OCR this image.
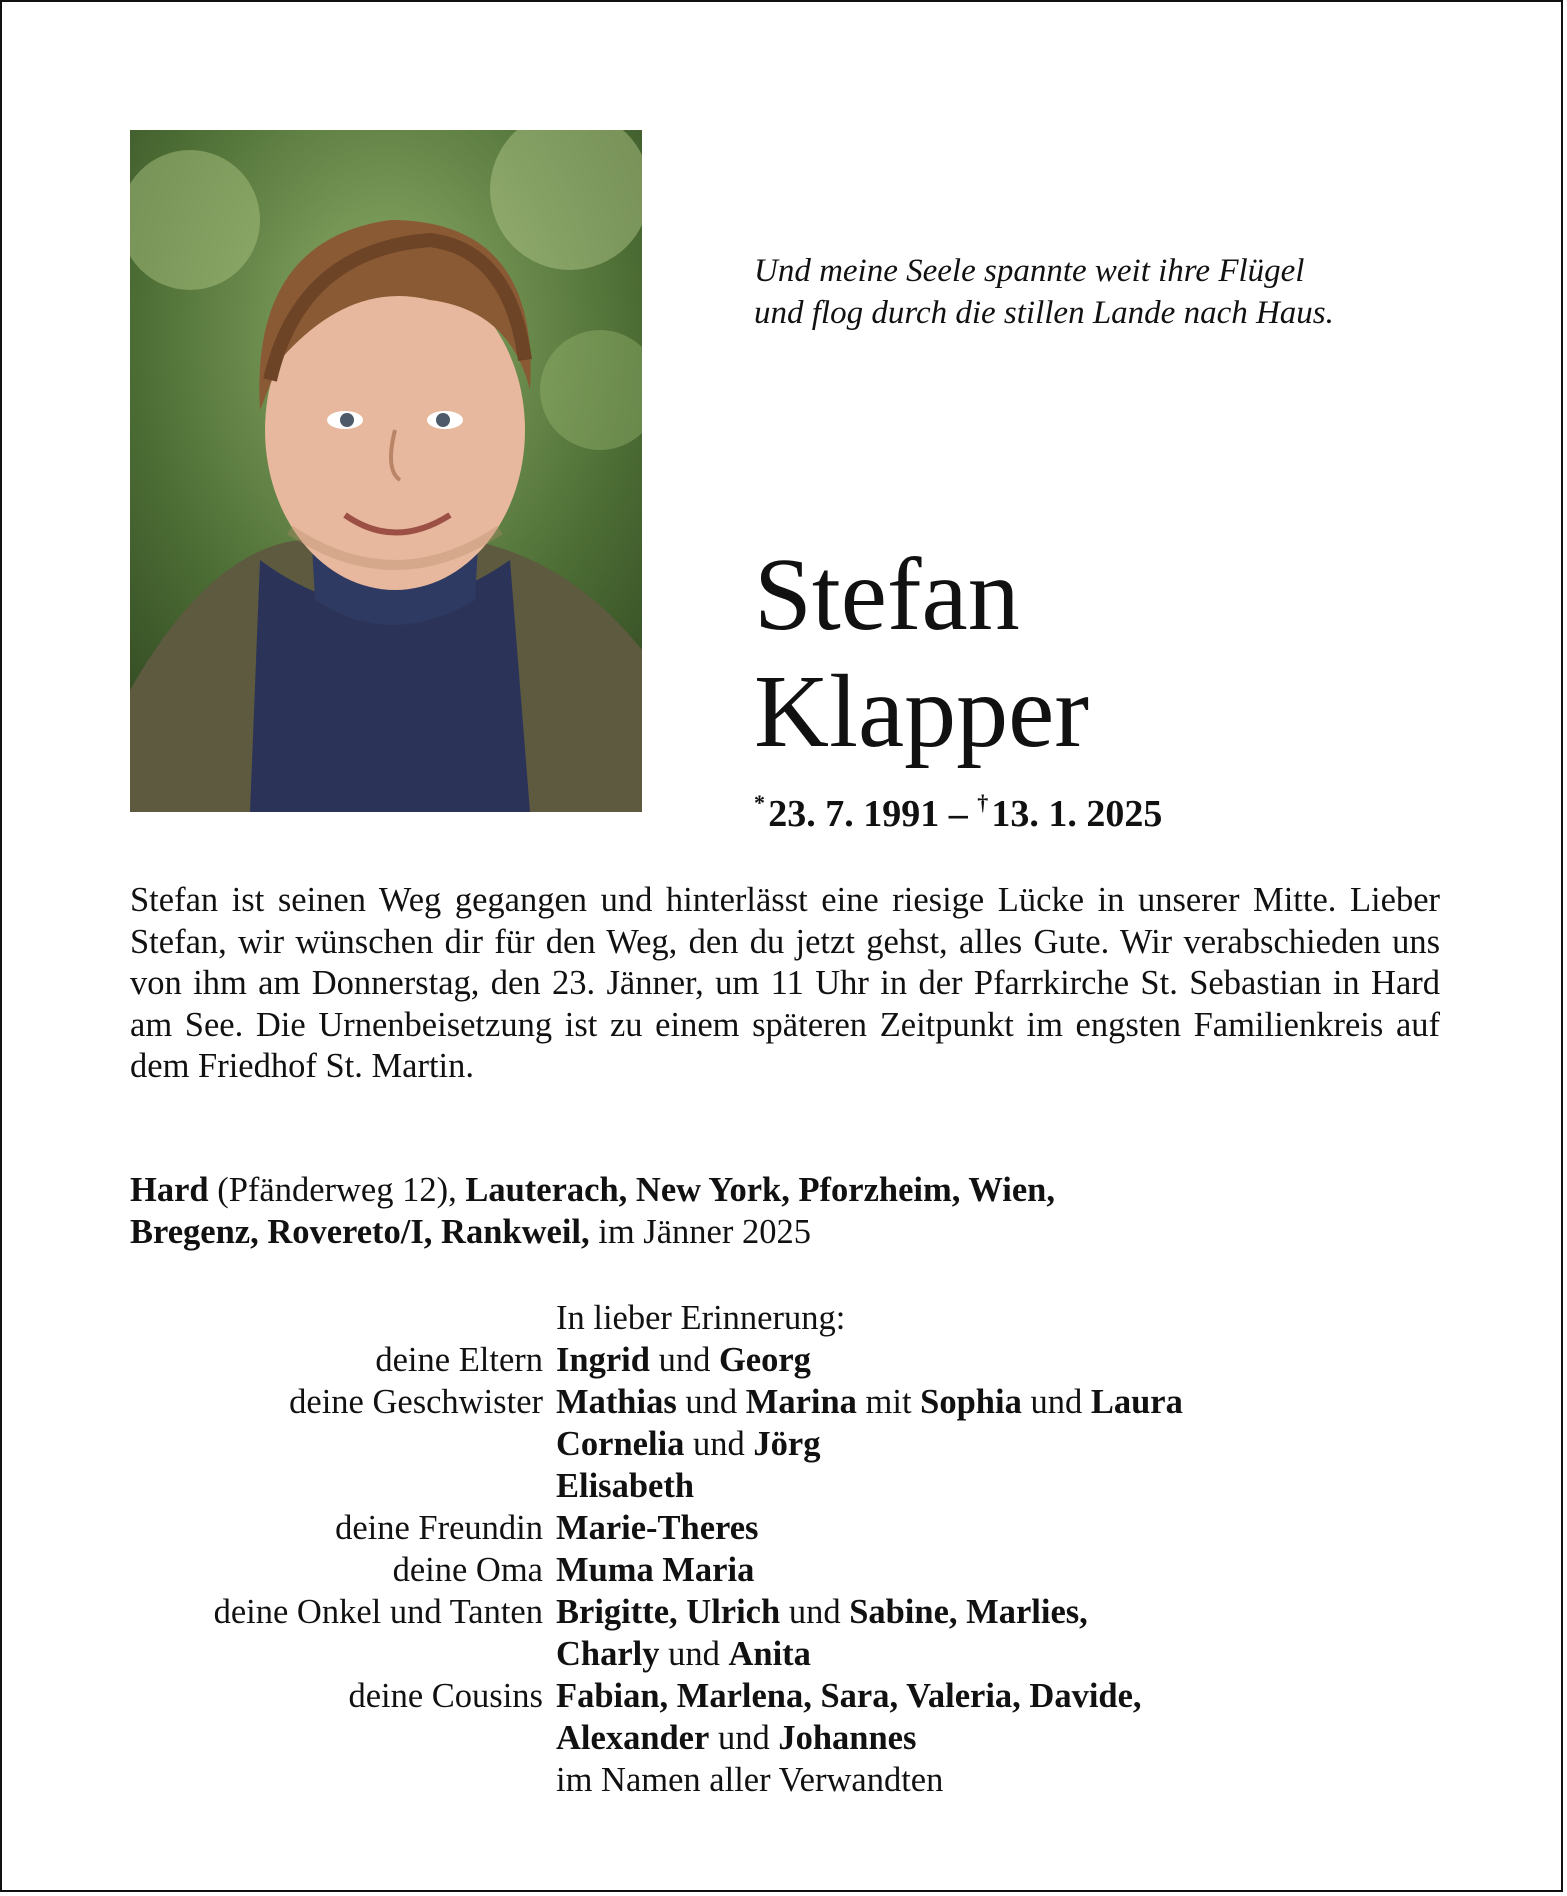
Und meine Seele spannte weit ihre Flügel
und flog durch die stillen Lande nach Haus.
Stefan
Klapper
* 23. 7. 1991 – † 13. 1. 2025
Stefan ist seinen Weg gegangen und hinterlässt eine riesige Lücke in unserer Mitte. Lieber Stefan, wir wünschen dir für den Weg, den du jetzt gehst, alles Gute. Wir verabschieden uns von ihm am Donnerstag, den 23. Jänner, um 11 Uhr in der Pfarrkirche St. Sebastian in Hard am See. Die Urnenbeisetzung ist zu einem späteren Zeitpunkt im engsten Familienkreis auf dem Friedhof St. Martin.
Hard (Pfänderweg 12), Lauterach, New York, Pforzheim, Wien,
Bregenz, Rovereto/I, Rankweil, im Jänner 2025
In lieber Erinnerung:
deine Eltern Ingrid und Georg
deine Geschwister Mathias und Marina mit Sophia und Laura
Cornelia und Jörg
Elisabeth
deine Freundin Marie-Theres
deine Oma Muma Maria
deine Onkel und Tanten Brigitte, Ulrich und Sabine, Marlies,
Charly und Anita
deine Cousins Fabian, Marlena, Sara, Valeria, Davide,
Alexander und Johannes
im Namen aller Verwandten
